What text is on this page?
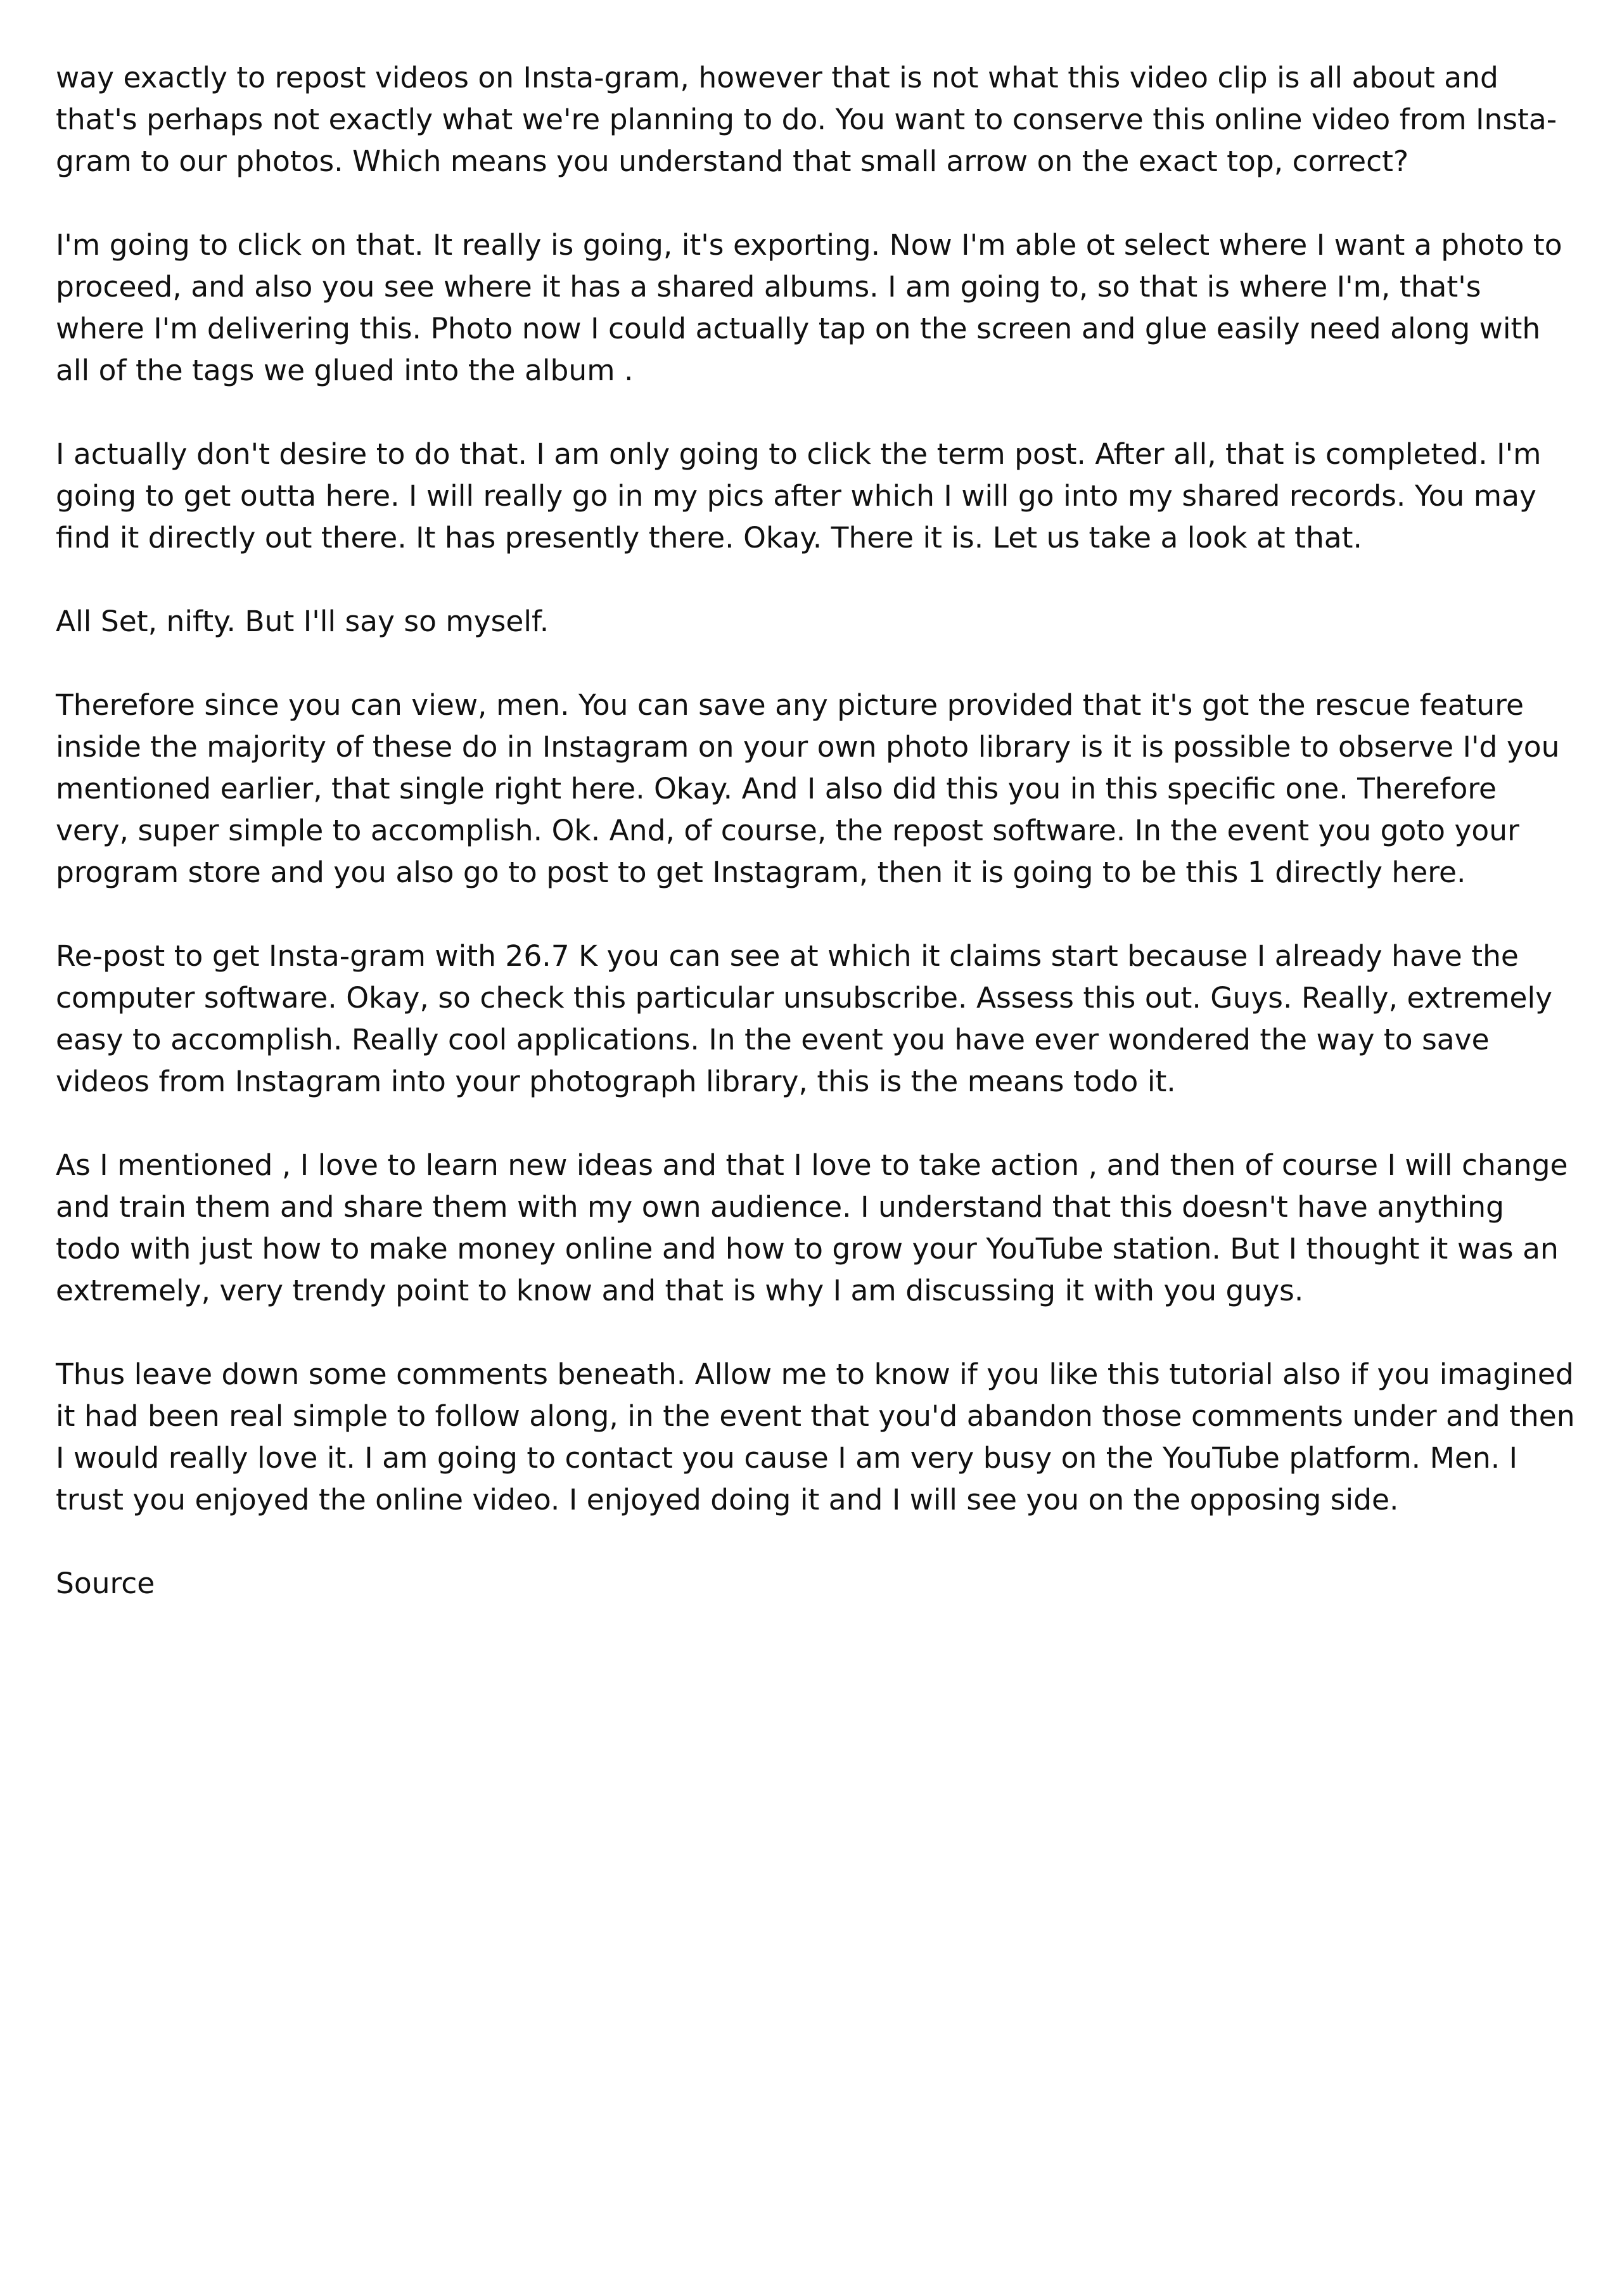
way exactly to repost videos on Insta-gram, however that is not what this video clip is all about and that's perhaps not exactly what we're planning to do. You want to conserve this online video from Insta-gram to our photos. Which means you understand that small arrow on the exact top, correct?

I'm going to click on that. It really is going, it's exporting. Now I'm able ot select where I want a photo to proceed, and also you see where it has a shared albums. I am going to, so that is where I'm, that's where I'm delivering this. Photo now I could actually tap on the screen and glue easily need along with all of the tags we glued into the album .

I actually don't desire to do that. I am only going to click the term post. After all, that is completed. I'm going to get outta here. I will really go in my pics after which I will go into my shared records. You may find it directly out there. It has presently there. Okay. There it is. Let us take a look at that.

All Set, nifty. But I'll say so myself.

Therefore since you can view, men. You can save any picture provided that it's got the rescue feature inside the majority of these do in Instagram on your own photo library is it is possible to observe I'd you mentioned earlier, that single right here. Okay. And I also did this you in this specific one. Therefore very, super simple to accomplish. Ok. And, of course, the repost software. In the event you goto your program store and you also go to post to get Instagram, then it is going to be this 1 directly here.

Re-post to get Insta-gram with 26.7 K you can see at which it claims start because I already have the computer software. Okay, so check this particular unsubscribe. Assess this out. Guys. Really, extremely easy to accomplish. Really cool applications. In the event you have ever wondered the way to save videos from Instagram into your photograph library, this is the means todo it.

As I mentioned , I love to learn new ideas and that I love to take action , and then of course I will change and train them and share them with my own audience. I understand that this doesn't have anything todo with just how to make money online and how to grow your YouTube station. But I thought it was an extremely, very trendy point to know and that is why I am discussing it with you guys.

Thus leave down some comments beneath. Allow me to know if you like this tutorial also if you imagined it had been real simple to follow along, in the event that you'd abandon those comments under and then I would really love it. I am going to contact you cause I am very busy on the YouTube platform. Men. I trust you enjoyed the online video. I enjoyed doing it and I will see you on the opposing side.

Source
